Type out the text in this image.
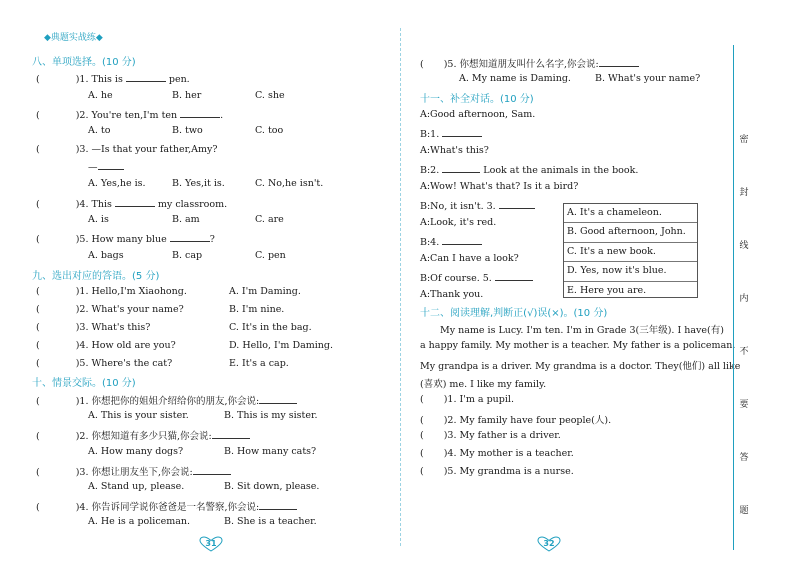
◆典题实战练◆
八、单项选择。(10 分)
(	)1. This is	pen.
A. he	B. her	C. she
(	)2. You're ten,I'm ten	.
A. to	B. two	C. too
(	)3. —Is that your father,Amy?
—
A. Yes,he is.	B. Yes,it is.	C. No,he isn't.
(	)4. This	my classroom.
A. is	B. am	C. are
(	)5. How many blue	?
A. bags	B. cap	C. pen
九、选出对应的答语。(5 分)
(	)1. Hello,I'm Xiaohong.	A. I'm Daming.
(	)2. What's your name?	B. I'm nine.
(	)3. What's this?	C. It's in the bag.
(	)4. How old are you?	D. Hello, I'm Daming.
(	)5. Where's the cat?	E. It's a cap.
十、情景交际。(10 分)
(	)1. 你想把你的姐姐介绍给你的朋友,你会说:
A. This is your sister.	B. This is my sister.
(	)2. 你想知道有多少只猫,你会说:
A. How many dogs?	B. How many cats?
(	)3. 你想让朋友坐下,你会说:
A. Stand up, please.	B. Sit down, please.
(	)4. 你告诉同学说你爸爸是一名警察,你会说:
A. He is a policeman.	B. She is a teacher.
31
( )5. 你想知道朋友叫什么名字,你会说:
A. My name is Daming.	B. What's your name?
十一、补全对话。(10 分)
A:Good afternoon, Sam.
B:1.
A:What's this?
B:2.	Look at the animals in the book.
A:Wow! What's that? Is it a bird?
B:No, it isn't. 3.
A:Look, it's red.
B:4.
A:Can I have a look?
B:Of course. 5.
A:Thank you.
A. It's a chameleon.
B. Good afternoon, John.
C. It's a new book.
D. Yes, now it's blue.
E. Here you are.
十二、阅读理解,判断正(√)误(×)。(10 分)
My name is Lucy. I'm ten. I'm in Grade 3(三年级). I have(有)
a happy family. My mother is a teacher. My father is a policeman.
My grandpa is a driver. My grandma is a doctor. They(他们) all like
(喜欢) me. I like my family.
( )1. I'm a pupil.
( )2. My family have four people(人).
( )3. My father is a driver.
( )4. My mother is a teacher.
( )5. My grandma is a nurse.
32
密
封
线
内
不
要
答
题
